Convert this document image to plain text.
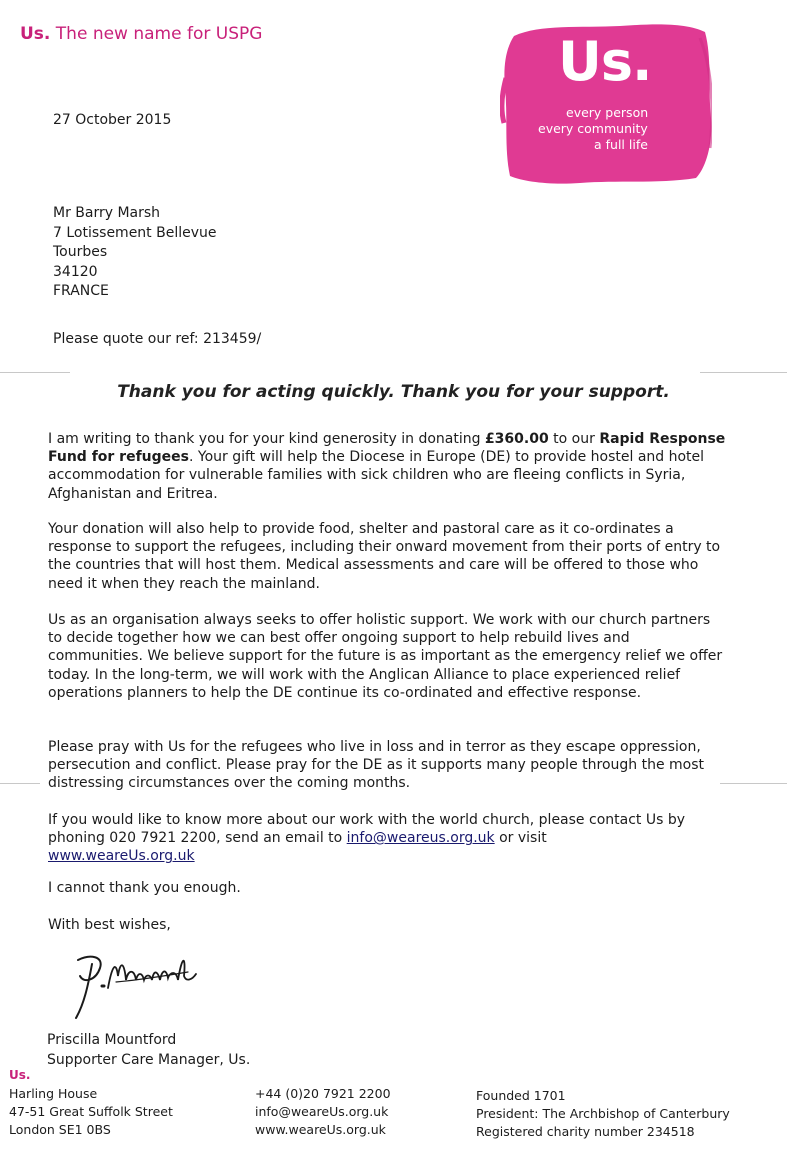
Us. The new name for USPG	Us.
every person
every community
a full life
27 October 2015
Mr Barry Marsh
7 Lotissement Bellevue
Tourbes
34120
FRANCE
Please quote our ref: 213459/
Thank you for acting quickly. Thank you for your support.
I am writing to thank you for your kind generosity in donating £360.00 to our Rapid Response Fund for refugees. Your gift will help the Diocese in Europe (DE) to provide hostel and hotel accommodation for vulnerable families with sick children who are fleeing conflicts in Syria, Afghanistan and Eritrea.
Your donation will also help to provide food, shelter and pastoral care as it co-ordinates a response to support the refugees, including their onward movement from their ports of entry to the countries that will host them. Medical assessments and care will be offered to those who need it when they reach the mainland.
Us as an organisation always seeks to offer holistic support. We work with our church partners to decide together how we can best offer ongoing support to help rebuild lives and communities. We believe support for the future is as important as the emergency relief we offer today. In the long-term, we will work with the Anglican Alliance to place experienced relief operations planners to help the DE continue its co-ordinated and effective response.
Please pray with Us for the refugees who live in loss and in terror as they escape oppression, persecution and conflict. Please pray for the DE as it supports many people through the most distressing circumstances over the coming months.
If you would like to know more about our work with the world church, please contact Us by phoning 020 7921 2200, send an email to info@weareus.org.uk or visit
www.weareUs.org.uk
I cannot thank you enough.
With best wishes,
Priscilla Mountford
Supporter Care Manager, Us.
Us.
Harling House
47-51 Great Suffolk Street
London SE1 0BS
+44 (0)20 7921 2200
info@weareUs.org.uk
www.weareUs.org.uk
Founded 1701
President: The Archbishop of Canterbury
Registered charity number 234518
